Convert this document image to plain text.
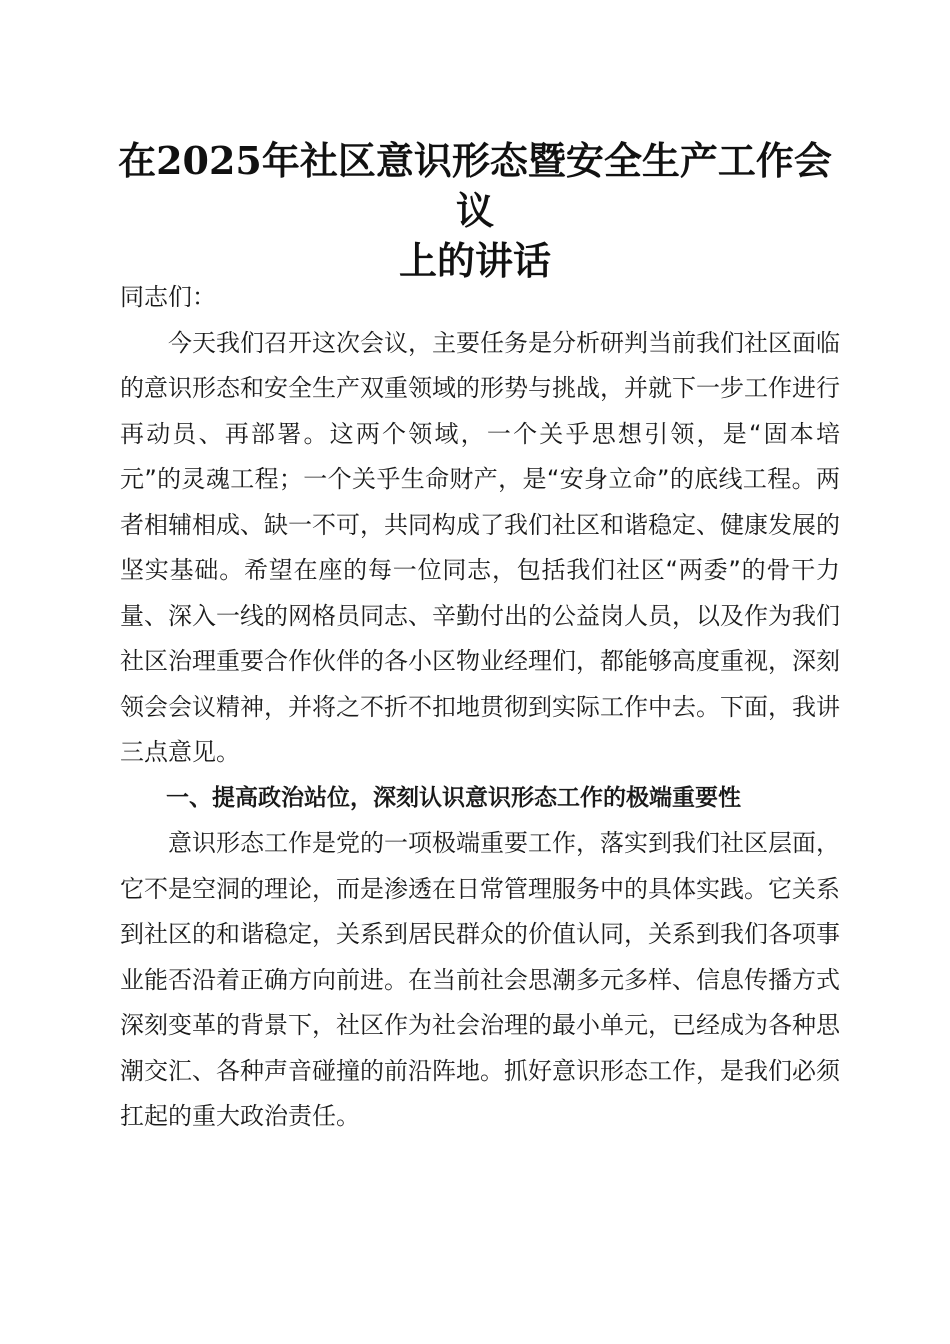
在2025年社区意识形态暨安全生产工作会议
上的讲话

同志们：

今天我们召开这次会议，主要任务是分析研判当前我们社区面临的意识形态和安全生产双重领域的形势与挑战，并就下一步工作进行再动员、再部署。这两个领域，一个关乎思想引领，是“固本培元”的灵魂工程；一个关乎生命财产，是“安身立命”的底线工程。两者相辅相成、缺一不可，共同构成了我们社区和谐稳定、健康发展的坚实基础。希望在座的每一位同志，包括我们社区“两委”的骨干力量、深入一线的网格员同志、辛勤付出的公益岗人员，以及作为我们社区治理重要合作伙伴的各小区物业经理们，都能够高度重视，深刻领会会议精神，并将之不折不扣地贯彻到实际工作中去。下面，我讲三点意见。

一、提高政治站位，深刻认识意识形态工作的极端重要性

意识形态工作是党的一项极端重要工作，落实到我们社区层面，它不是空洞的理论，而是渗透在日常管理服务中的具体实践。它关系到社区的和谐稳定，关系到居民群众的价值认同，关系到我们各项事业能否沿着正确方向前进。在当前社会思潮多元多样、信息传播方式深刻变革的背景下，社区作为社会治理的最小单元，已经成为各种思潮交汇、各种声音碰撞的前沿阵地。抓好意识形态工作，是我们必须扛起的重大政治责任。
